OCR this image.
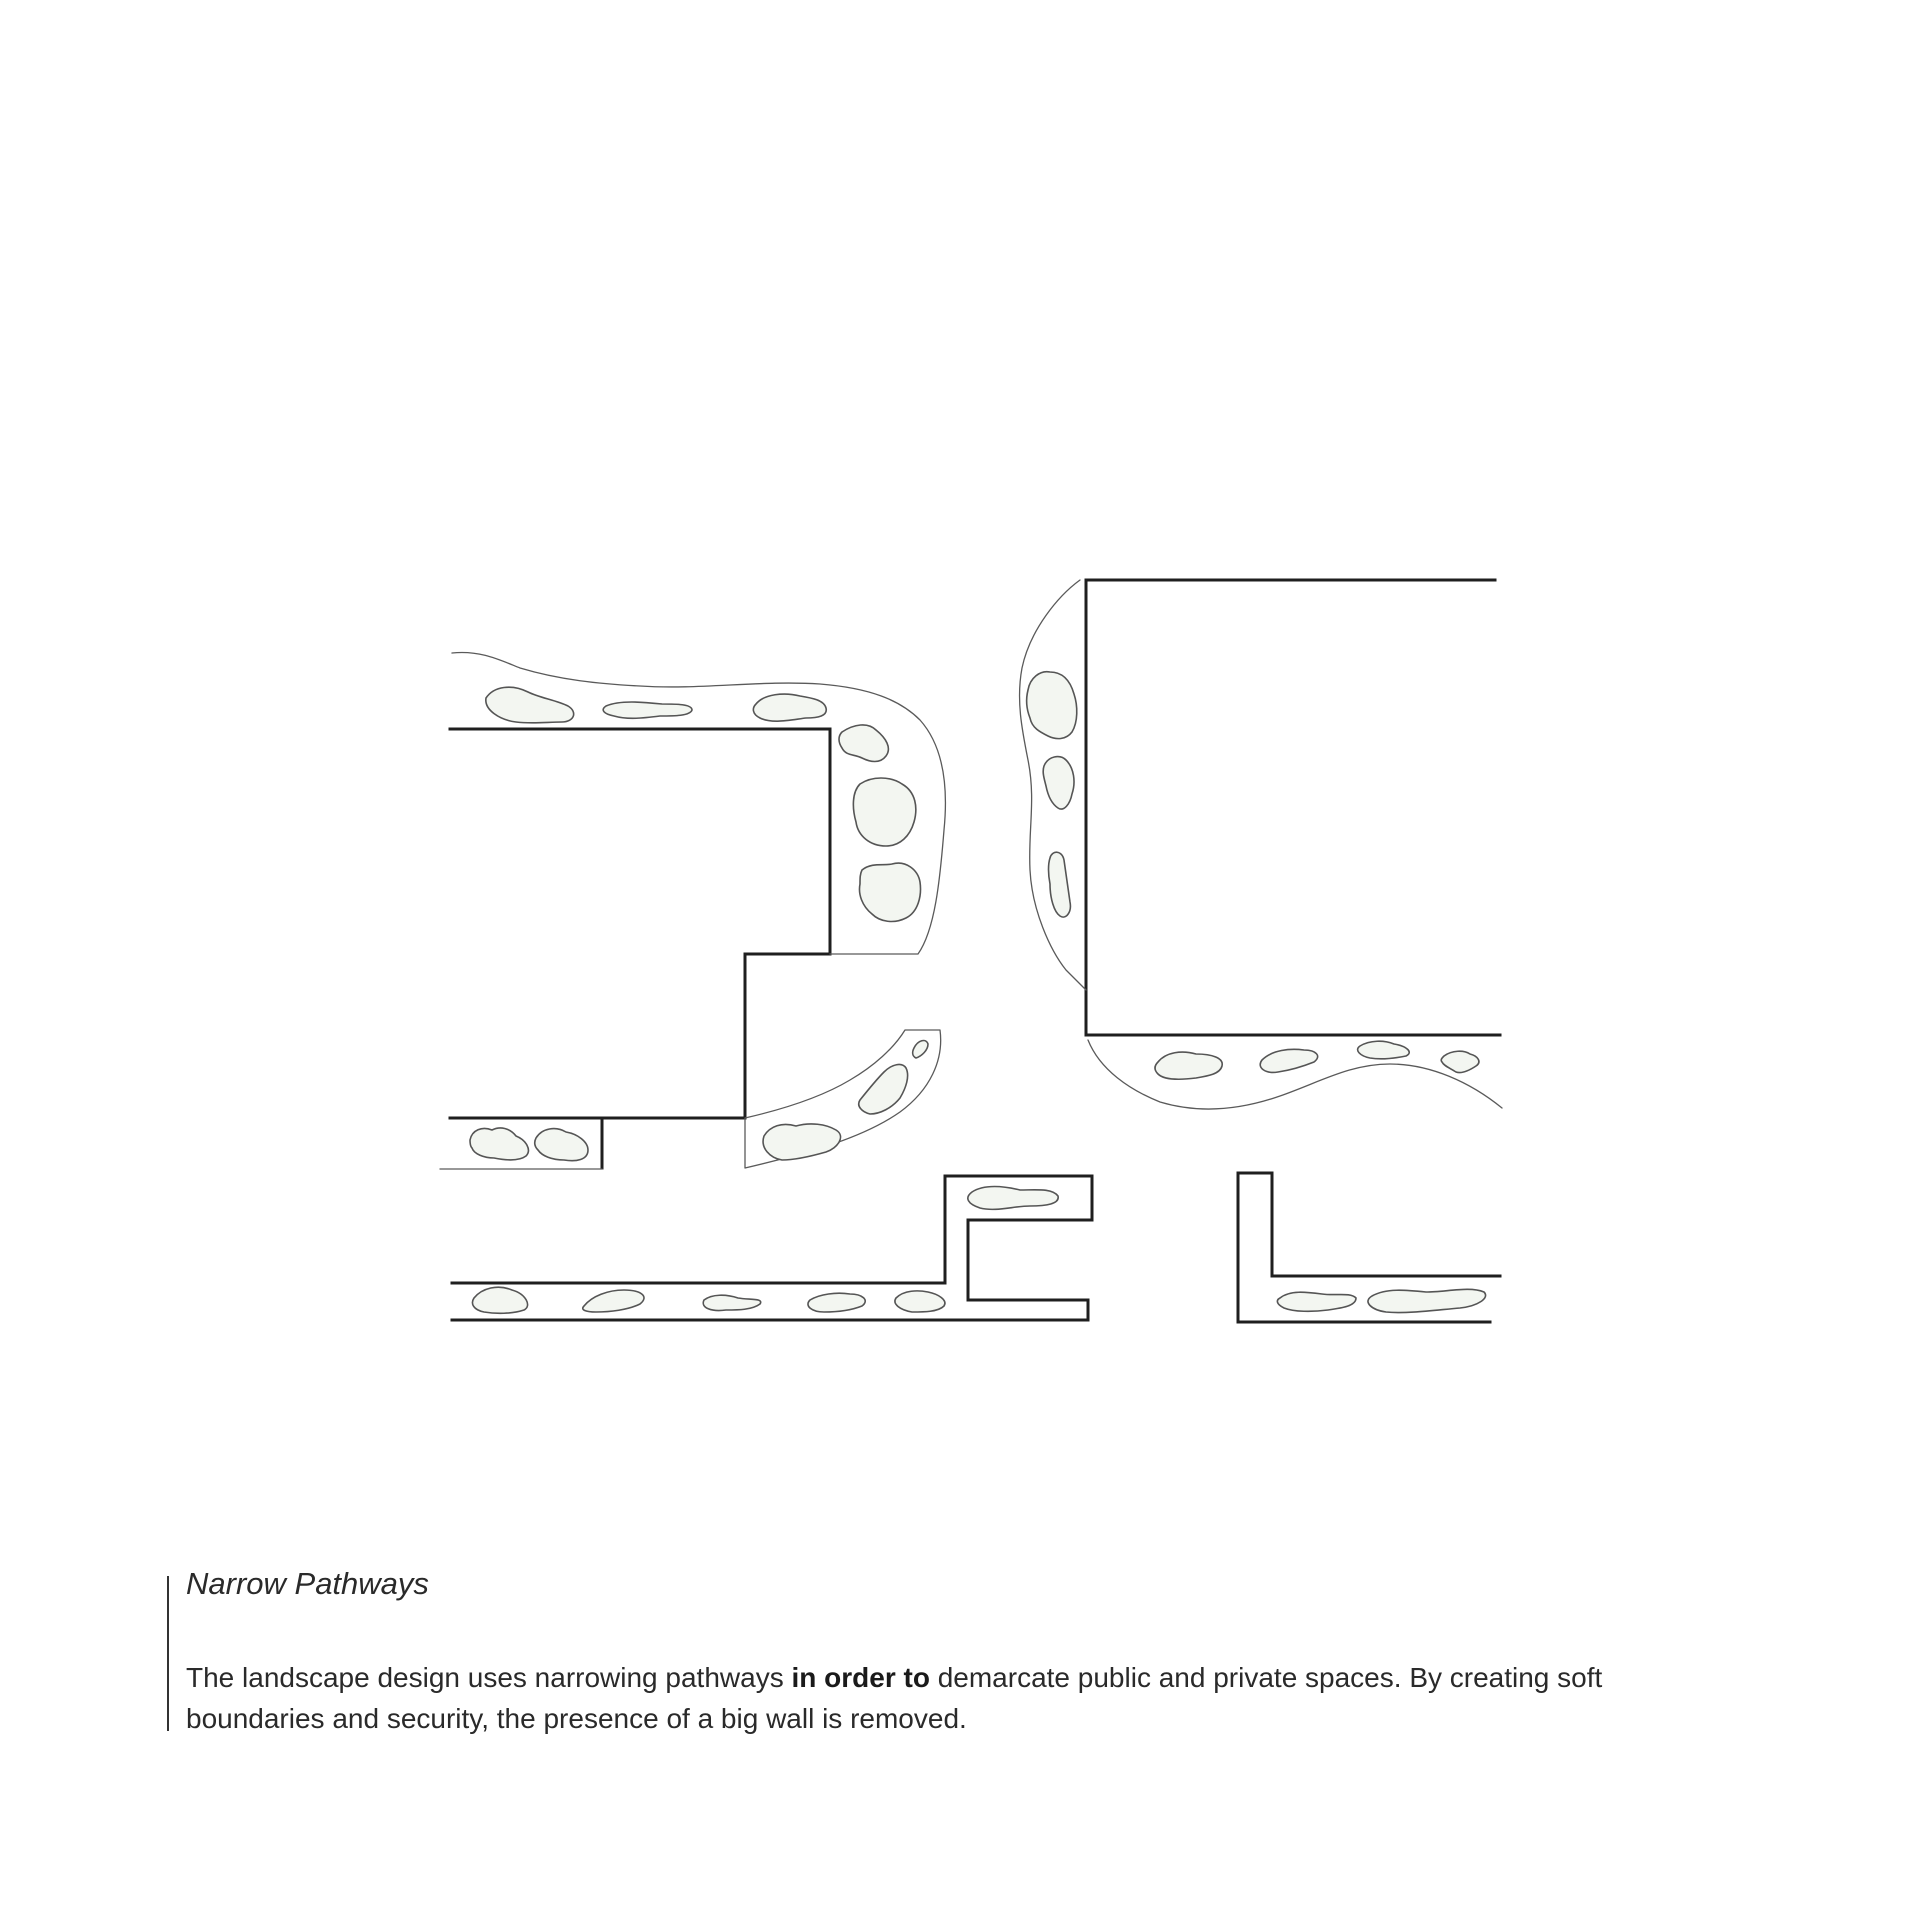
Narrow Pathways

The landscape design uses narrowing pathways in order to demarcate public and private spaces. By creating soft boundaries and security, the presence of a big wall is removed.
